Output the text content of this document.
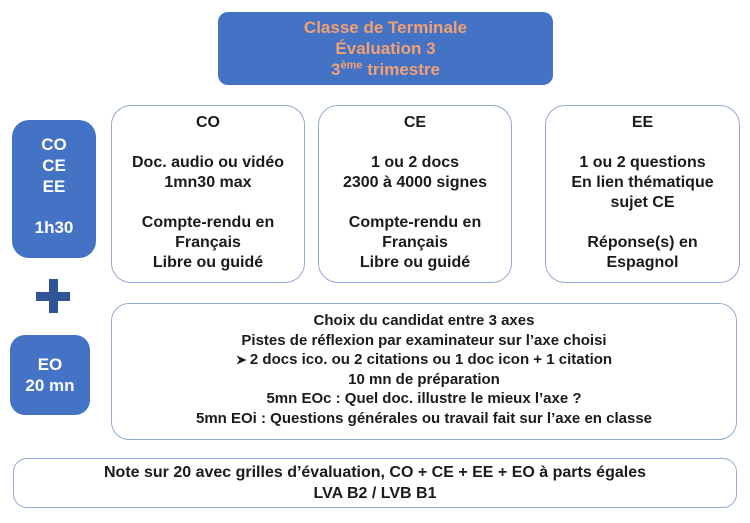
Classe de Terminale
Évaluation 3
3ème trimestre
CO
CE
EE
1h30
EO
20 mn
CO

Doc. audio ou vidéo
1mn30 max

Compte-rendu en
Français
Libre ou guidé
CE

1 ou 2 docs
2300 à 4000 signes

Compte-rendu en
Français
Libre ou guidé
EE

1 ou 2 questions
En lien thématique
sujet CE

Réponse(s) en
Espagnol
Choix du candidat entre 3 axes
Pistes de réflexion par examinateur sur l’axe choisi
2 docs ico. ou 2 citations ou 1 doc icon + 1 citation
10 mn de préparation
5mn EOc : Quel doc. illustre le mieux l’axe ?
5mn EOi : Questions générales ou travail fait sur l’axe en classe
Note sur 20 avec grilles d’évaluation, CO + CE + EE + EO à parts égales
LVA B2 / LVB B1
